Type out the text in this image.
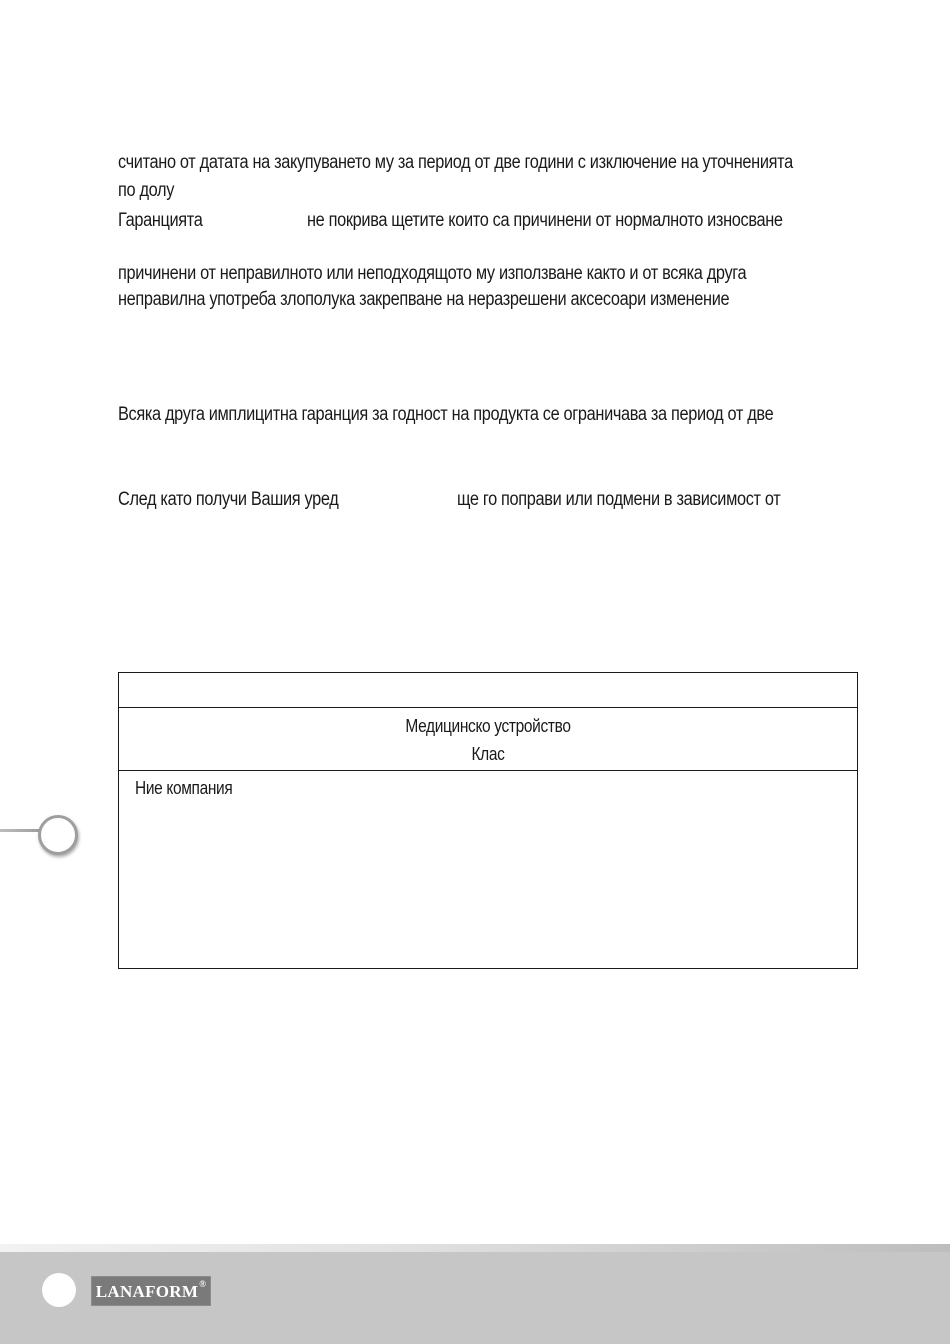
считано от датата на закупуването му за период от две години с изключение на уточненията
по долу
Гаранцията	не покрива щетите които са причинени от нормалното износване
причинени от неправилното или неподходящото му използване както и от всяка друга
неправилна употреба злополука закрепване на неразрешени аксесоари изменение
Всяка друга имплицитна гаранция за годност на продукта се ограничава за период от две
След като получи Вашия уред	ще го поправи или подмени в зависимост от
Медицинско устройство
Клас
Ние компания
LANAFORM®
